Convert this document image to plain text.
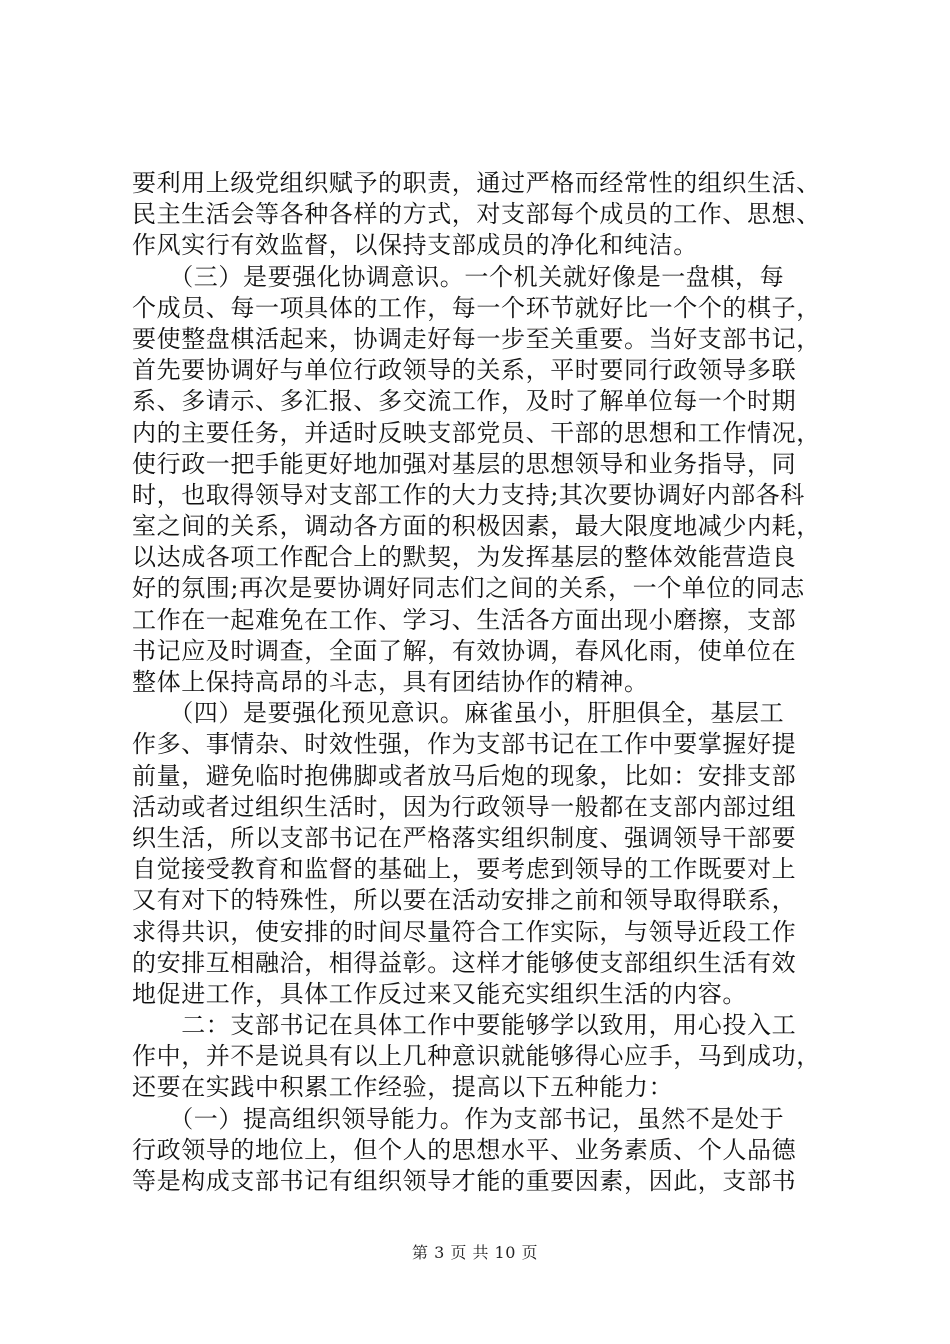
要利用上级党组织赋予的职责，通过严格而经常性的组织生活、
民主生活会等各种各样的方式，对支部每个成员的工作、思想、
作风实行有效监督，以保持支部成员的净化和纯洁。
　　（三）是要强化协调意识。一个机关就好像是一盘棋，每
个成员、每一项具体的工作，每一个环节就好比一个个的棋子，
要使整盘棋活起来，协调走好每一步至关重要。当好支部书记，
首先要协调好与单位行政领导的关系，平时要同行政领导多联
系、多请示、多汇报、多交流工作，及时了解单位每一个时期
内的主要任务，并适时反映支部党员、干部的思想和工作情况，
使行政一把手能更好地加强对基层的思想领导和业务指导，同
时，也取得领导对支部工作的大力支持;其次要协调好内部各科
室之间的关系，调动各方面的积极因素，最大限度地减少内耗，
以达成各项工作配合上的默契，为发挥基层的整体效能营造良
好的氛围;再次是要协调好同志们之间的关系，一个单位的同志
工作在一起难免在工作、学习、生活各方面出现小磨擦，支部
书记应及时调查，全面了解，有效协调，春风化雨，使单位在
整体上保持高昂的斗志，具有团结协作的精神。
　　（四）是要强化预见意识。麻雀虽小，肝胆俱全，基层工
作多、事情杂、时效性强，作为支部书记在工作中要掌握好提
前量，避免临时抱佛脚或者放马后炮的现象，比如：安排支部
活动或者过组织生活时，因为行政领导一般都在支部内部过组
织生活，所以支部书记在严格落实组织制度、强调领导干部要
自觉接受教育和监督的基础上，要考虑到领导的工作既要对上
又有对下的特殊性，所以要在活动安排之前和领导取得联系，
求得共识，使安排的时间尽量符合工作实际，与领导近段工作
的安排互相融洽，相得益彰。这样才能够使支部组织生活有效
地促进工作，具体工作反过来又能充实组织生活的内容。
　　二：支部书记在具体工作中要能够学以致用，用心投入工
作中，并不是说具有以上几种意识就能够得心应手，马到成功，
还要在实践中积累工作经验，提高以下五种能力：
　　（一）提高组织领导能力。作为支部书记，虽然不是处于
行政领导的地位上，但个人的思想水平、业务素质、个人品德
等是构成支部书记有组织领导才能的重要因素，因此，支部书
第 3 页 共 10 页
